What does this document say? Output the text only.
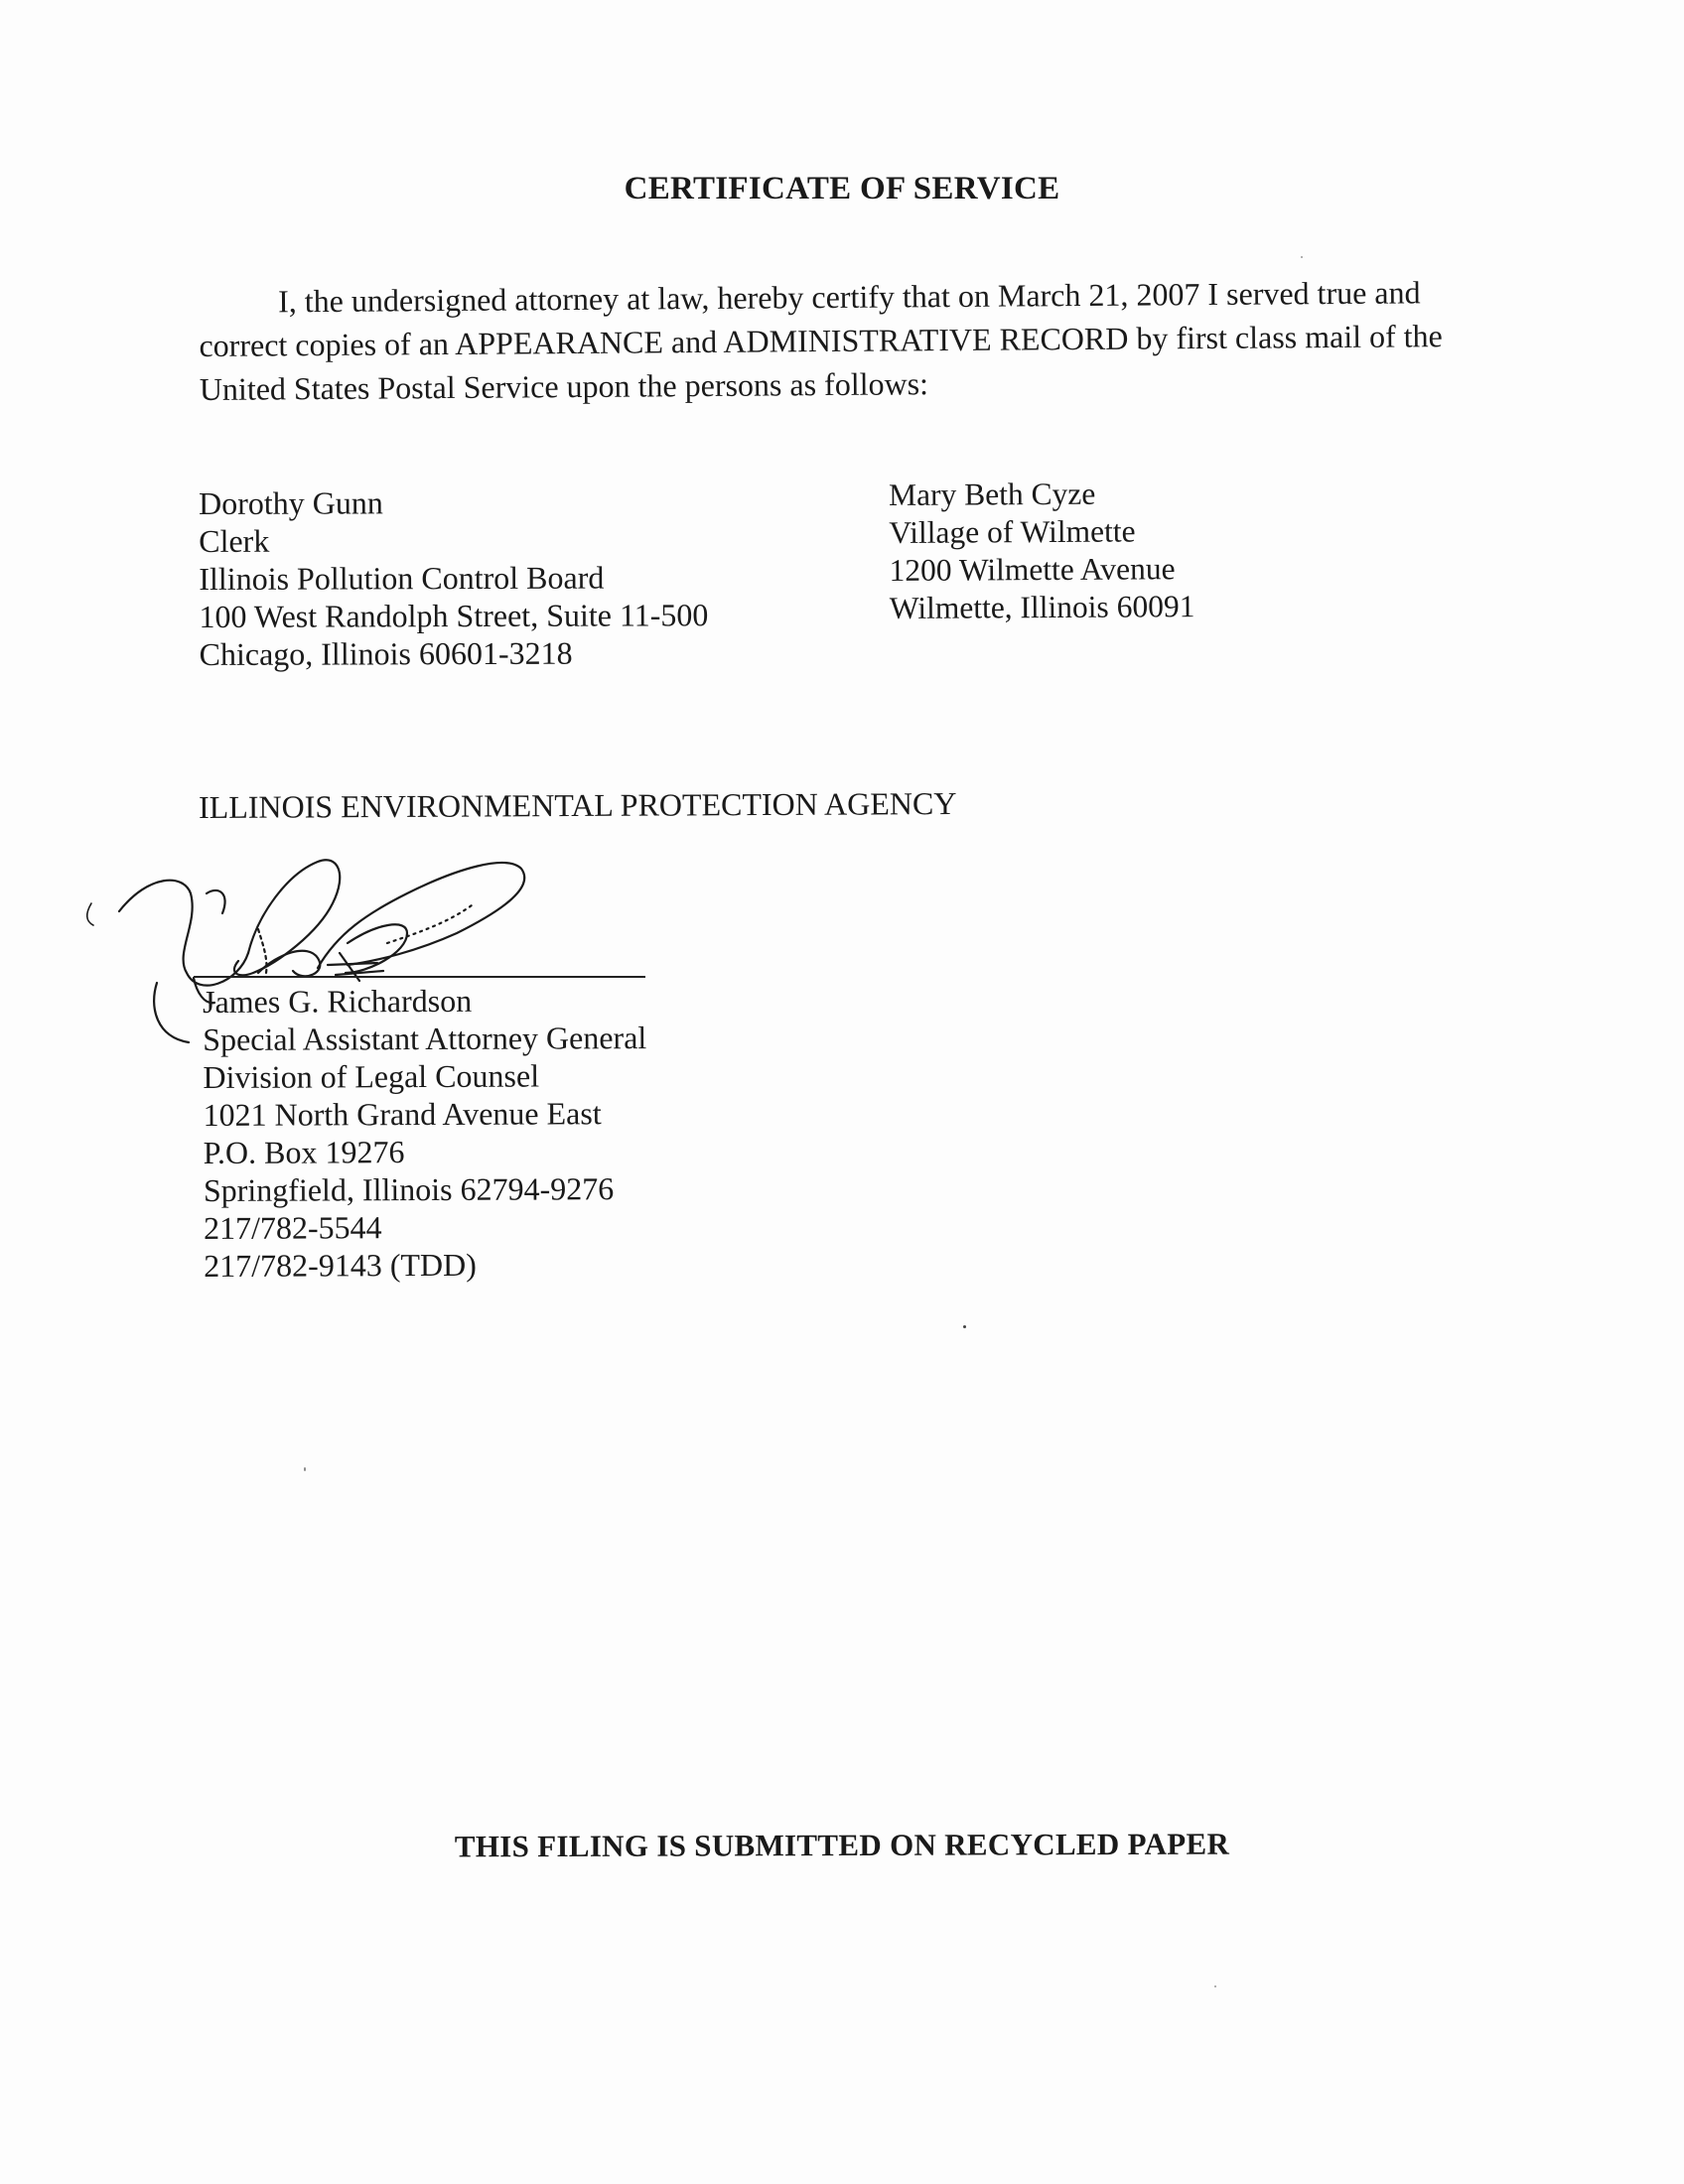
CERTIFICATE OF SERVICE
I, the undersigned attorney at law, hereby certify that on March 21, 2007 I served true and
correct copies of an APPEARANCE and ADMINISTRATIVE RECORD by first class mail of the
United States Postal Service upon the persons as follows:
Dorothy Gunn
Clerk
Illinois Pollution Control Board
100 West Randolph Street, Suite 11-500
Chicago, Illinois 60601-3218
Mary Beth Cyze
Village of Wilmette
1200 Wilmette Avenue
Wilmette, Illinois 60091
ILLINOIS ENVIRONMENTAL PROTECTION AGENCY
James G. Richardson
Special Assistant Attorney General
Division of Legal Counsel
1021 North Grand Avenue East
P.O. Box 19276
Springfield, Illinois 62794-9276
217/782-5544
217/782-9143 (TDD)
THIS FILING IS SUBMITTED ON RECYCLED PAPER
